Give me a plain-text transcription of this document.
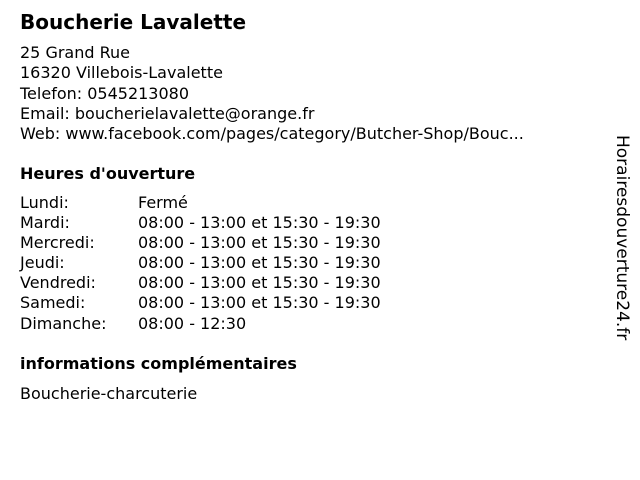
Boucherie Lavalette
25 Grand Rue
16320 Villebois-Lavalette
Telefon: 0545213080
Email: boucherielavalette@orange.fr
Web: www.facebook.com/pages/category/Butcher-Shop/Bouc...
Heures d'ouverture
Lundi:	Fermé
Mardi:	08:00 - 13:00 et 15:30 - 19:30
Mercredi:	08:00 - 13:00 et 15:30 - 19:30
Jeudi:	08:00 - 13:00 et 15:30 - 19:30
Vendredi:	08:00 - 13:00 et 15:30 - 19:30
Samedi:	08:00 - 13:00 et 15:30 - 19:30
Dimanche: 08:00 - 12:30
informations complémentaires
Boucherie-charcuterie
Horairesdouverture24.fr
